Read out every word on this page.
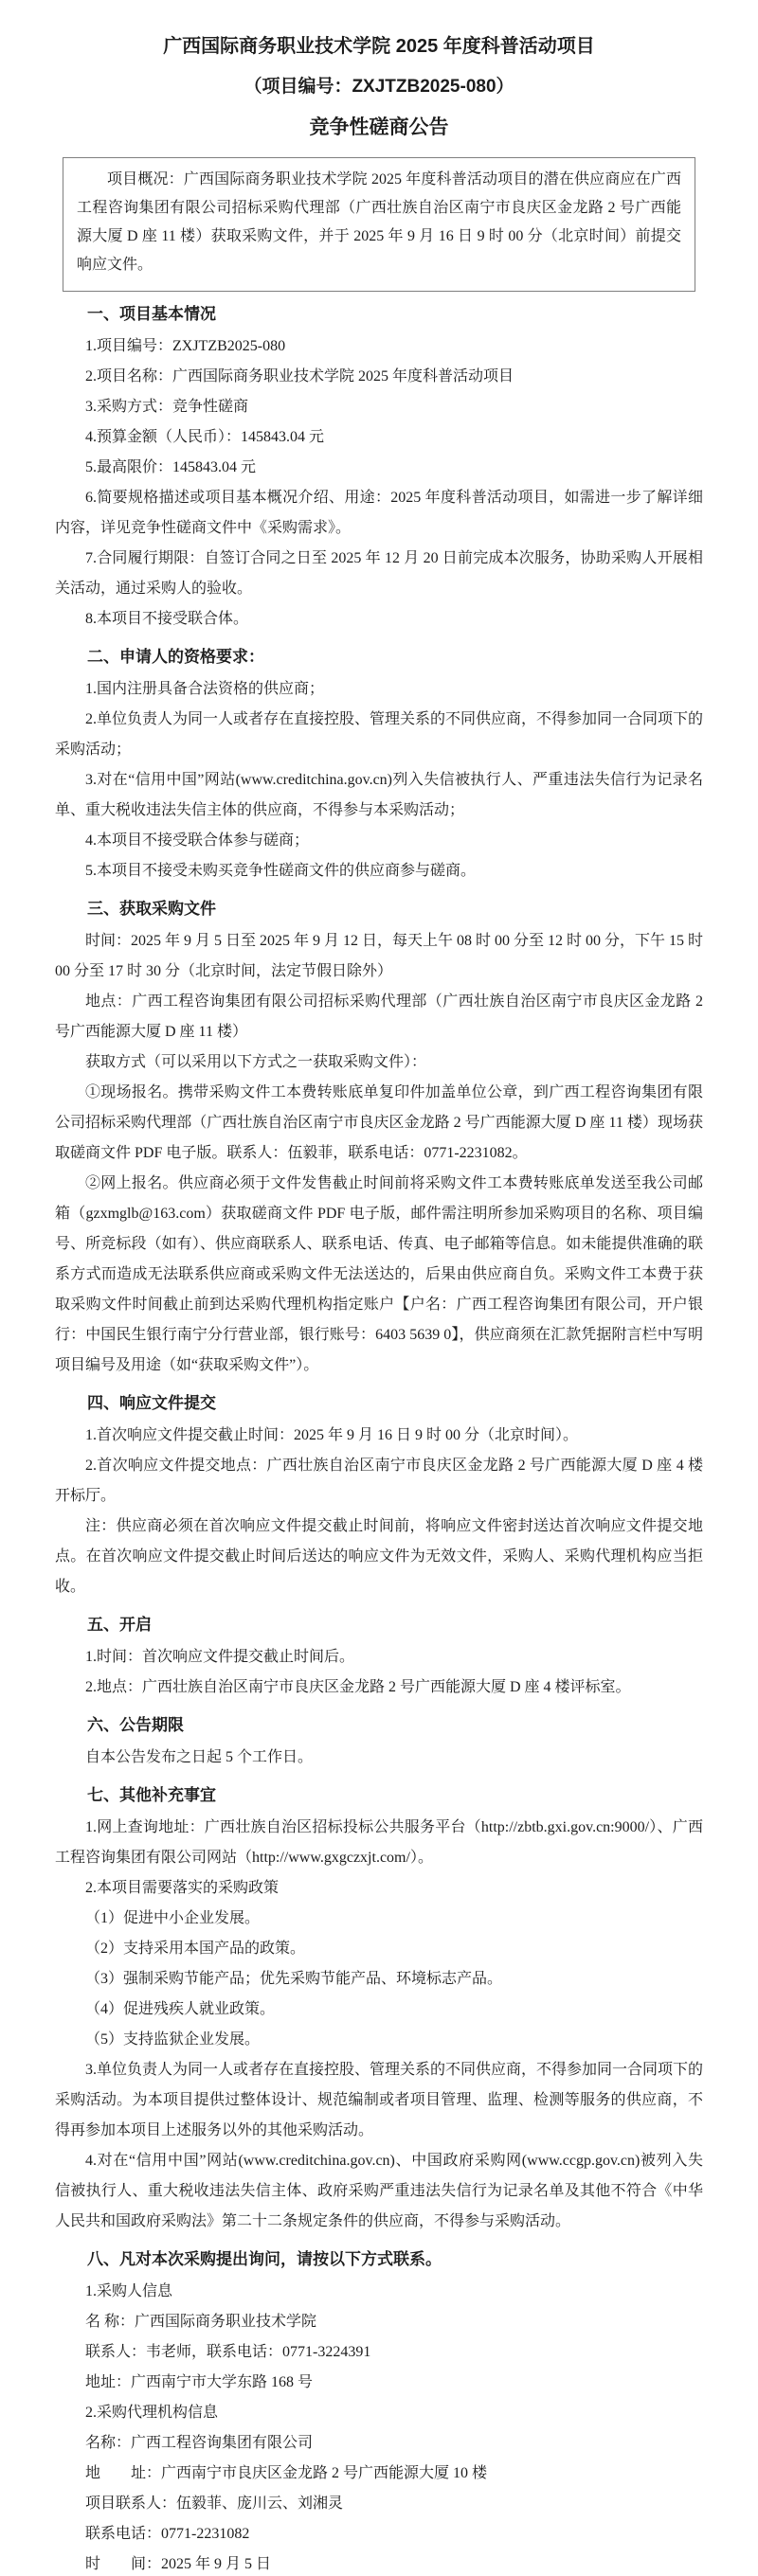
广西国际商务职业技术学院 2025 年度科普活动项目
（项目编号：ZXJTZB2025-080）
竞争性磋商公告

项目概况：广西国际商务职业技术学院 2025 年度科普活动项目的潜在供应商应在广西工程咨询集团有限公司招标采购代理部（广西壮族自治区南宁市良庆区金龙路 2 号广西能源大厦 D 座 11 楼）获取采购文件，并于 2025 年 9 月 16 日 9 时 00 分（北京时间）前提交响应文件。

一、项目基本情况

1.项目编号：ZXJTZB2025-080

2.项目名称：广西国际商务职业技术学院 2025 年度科普活动项目

3.采购方式：竞争性磋商

4.预算金额（人民币）：145843.04 元

5.最高限价：145843.04 元

6.简要规格描述或项目基本概况介绍、用途：2025 年度科普活动项目，如需进一步了解详细内容，详见竞争性磋商文件中《采购需求》。

7.合同履行期限：自签订合同之日至 2025 年 12 月 20 日前完成本次服务，协助采购人开展相关活动，通过采购人的验收。

8.本项目不接受联合体。

二、申请人的资格要求：

1.国内注册具备合法资格的供应商；

2.单位负责人为同一人或者存在直接控股、管理关系的不同供应商，不得参加同一合同项下的采购活动；

3.对在“信用中国”网站(www.creditchina.gov.cn)列入失信被执行人、严重违法失信行为记录名单、重大税收违法失信主体的供应商，不得参与本采购活动；

4.本项目不接受联合体参与磋商；

5.本项目不接受未购买竞争性磋商文件的供应商参与磋商。

三、获取采购文件

时间：2025 年 9 月 5 日至 2025 年 9 月 12 日，每天上午 08 时 00 分至 12 时 00 分，下午 15 时 00 分至 17 时 30 分（北京时间，法定节假日除外）

地点：广西工程咨询集团有限公司招标采购代理部（广西壮族自治区南宁市良庆区金龙路 2 号广西能源大厦 D 座 11 楼）

获取方式（可以采用以下方式之一获取采购文件）：

①现场报名。携带采购文件工本费转账底单复印件加盖单位公章，到广西工程咨询集团有限公司招标采购代理部（广西壮族自治区南宁市良庆区金龙路 2 号广西能源大厦 D 座 11 楼）现场获取磋商文件 PDF 电子版。联系人：伍毅菲，联系电话：0771-2231082。

②网上报名。供应商必须于文件发售截止时间前将采购文件工本费转账底单发送至我公司邮箱（gzxmglb@163.com）获取磋商文件 PDF 电子版，邮件需注明所参加采购项目的名称、项目编号、所竞标段（如有）、供应商联系人、联系电话、传真、电子邮箱等信息。如未能提供准确的联系方式而造成无法联系供应商或采购文件无法送达的，后果由供应商自负。采购文件工本费于获取采购文件时间截止前到达采购代理机构指定账户【户名：广西工程咨询集团有限公司，开户银行：中国民生银行南宁分行营业部，银行账号：6403 5639 0】，供应商须在汇款凭据附言栏中写明项目编号及用途（如“获取采购文件”）。

四、响应文件提交

1.首次响应文件提交截止时间：2025 年 9 月 16 日 9 时 00 分（北京时间）。

2.首次响应文件提交地点：广西壮族自治区南宁市良庆区金龙路 2 号广西能源大厦 D 座 4 楼开标厅。

注：供应商必须在首次响应文件提交截止时间前，将响应文件密封送达首次响应文件提交地点。在首次响应文件提交截止时间后送达的响应文件为无效文件，采购人、采购代理机构应当拒收。

五、开启

1.时间：首次响应文件提交截止时间后。

2.地点：广西壮族自治区南宁市良庆区金龙路 2 号广西能源大厦 D 座 4 楼评标室。

六、公告期限

自本公告发布之日起 5 个工作日。

七、其他补充事宜

1.网上查询地址：广西壮族自治区招标投标公共服务平台（http://zbtb.gxi.gov.cn:9000/）、广西工程咨询集团有限公司网站（http://www.gxgczxjt.com/）。

2.本项目需要落实的采购政策

（1）促进中小企业发展。

（2）支持采用本国产品的政策。

（3）强制采购节能产品；优先采购节能产品、环境标志产品。

（4）促进残疾人就业政策。

（5）支持监狱企业发展。

3.单位负责人为同一人或者存在直接控股、管理关系的不同供应商，不得参加同一合同项下的采购活动。为本项目提供过整体设计、规范编制或者项目管理、监理、检测等服务的供应商，不得再参加本项目上述服务以外的其他采购活动。

4.对在“信用中国”网站(www.creditchina.gov.cn)、中国政府采购网(www.ccgp.gov.cn)被列入失信被执行人、重大税收违法失信主体、政府采购严重违法失信行为记录名单及其他不符合《中华人民共和国政府采购法》第二十二条规定条件的供应商，不得参与采购活动。

八、凡对本次采购提出询问，请按以下方式联系。

1.采购人信息

名 称：广西国际商务职业技术学院

联系人：韦老师，联系电话：0771-3224391

地址：广西南宁市大学东路 168 号

2.采购代理机构信息

名称：广西工程咨询集团有限公司

地　　址：广西南宁市良庆区金龙路 2 号广西能源大厦 10 楼

项目联系人：伍毅菲、庞川云、刘湘灵

联系电话：0771-2231082

时　　间：2025 年 9 月 5 日
